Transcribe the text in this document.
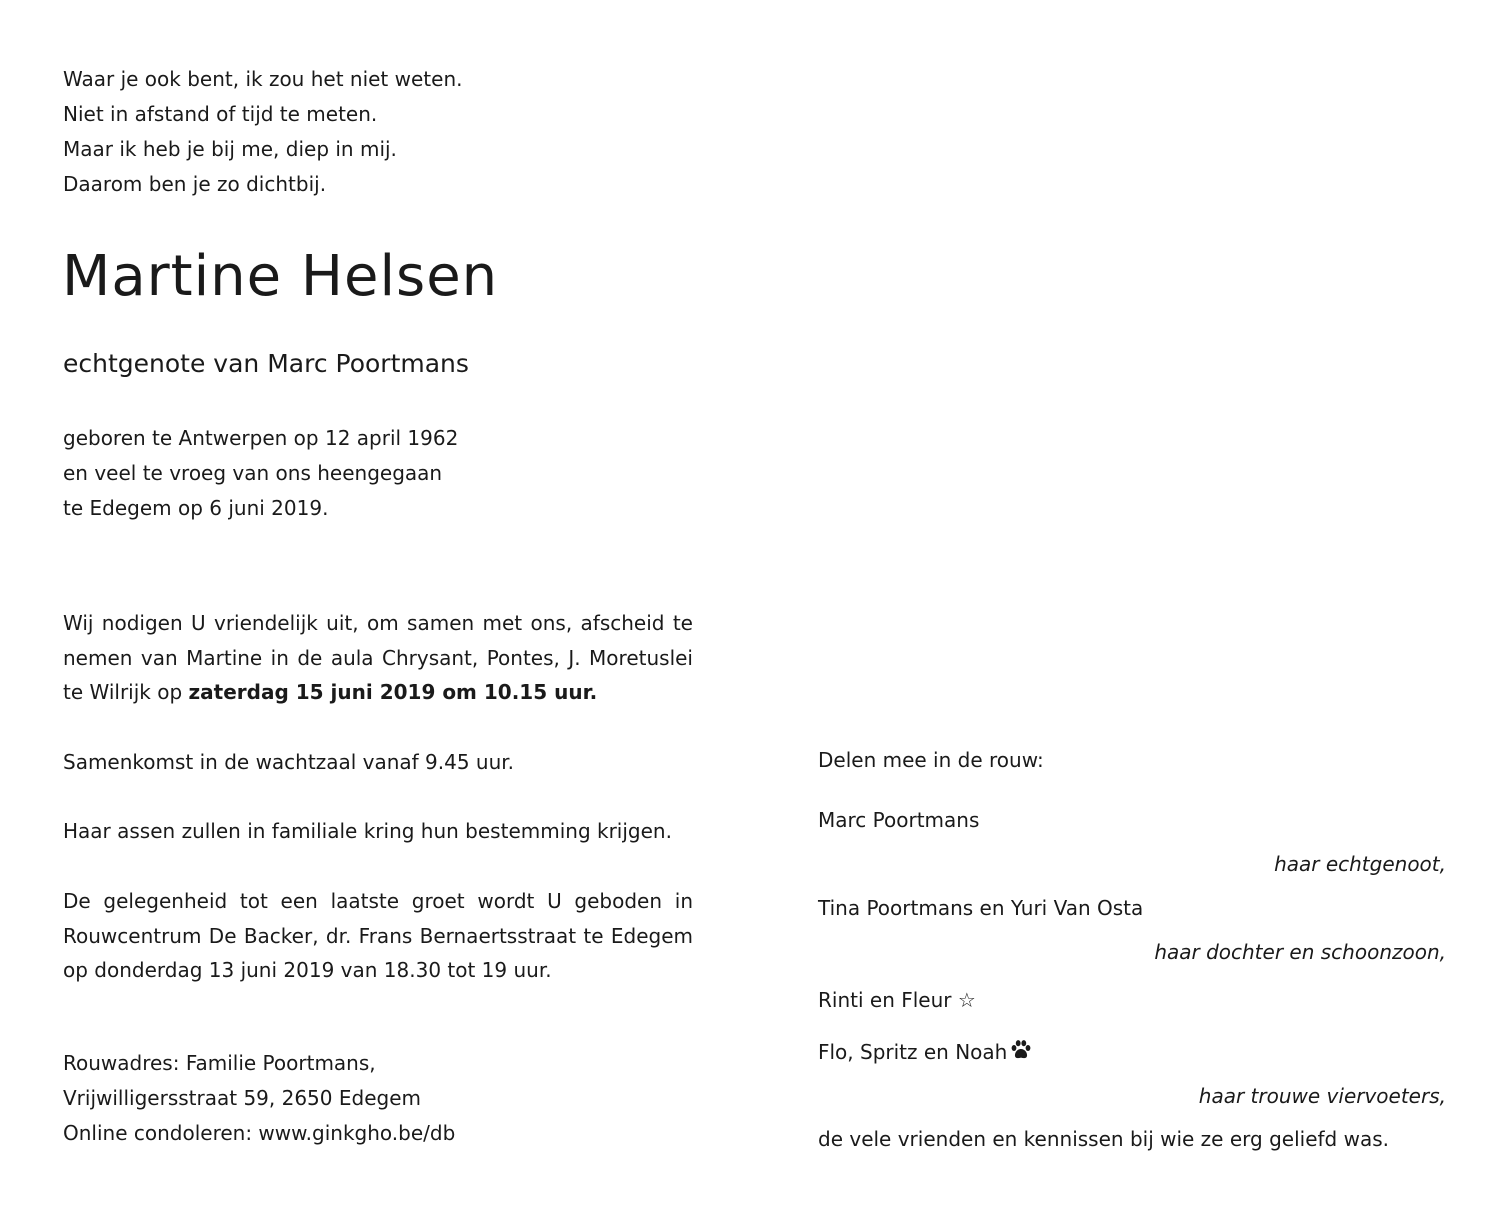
Waar je ook bent, ik zou het niet weten.
Niet in afstand of tijd te meten.
Maar ik heb je bij me, diep in mij.
Daarom ben je zo dichtbij.
Martine Helsen
echtgenote van Marc Poortmans
geboren te Antwerpen op 12 april 1962
en veel te vroeg van ons heengegaan
te Edegem op 6 juni 2019.
Wij nodigen U vriendelijk uit, om samen met ons, afscheid te
nemen van Martine in de aula Chrysant, Pontes, J. Moretuslei
te Wilrijk op zaterdag 15 juni 2019 om 10.15 uur.
Samenkomst in de wachtzaal vanaf 9.45 uur.
Haar assen zullen in familiale kring hun bestemming krijgen.
De gelegenheid tot een laatste groet wordt U geboden in
Rouwcentrum De Backer, dr. Frans Bernaertsstraat te Edegem
op donderdag 13 juni 2019 van 18.30 tot 19 uur.
Rouwadres: Familie Poortmans,
Vrijwilligersstraat 59, 2650 Edegem
Online condoleren: www.ginkgho.be/db
Delen mee in de rouw:
Marc Poortmans
haar echtgenoot,
Tina Poortmans en Yuri Van Osta
haar dochter en schoonzoon,
Rinti en Fleur ☆
Flo, Spritz en Noah
haar trouwe viervoeters,
de vele vrienden en kennissen bij wie ze erg geliefd was.
